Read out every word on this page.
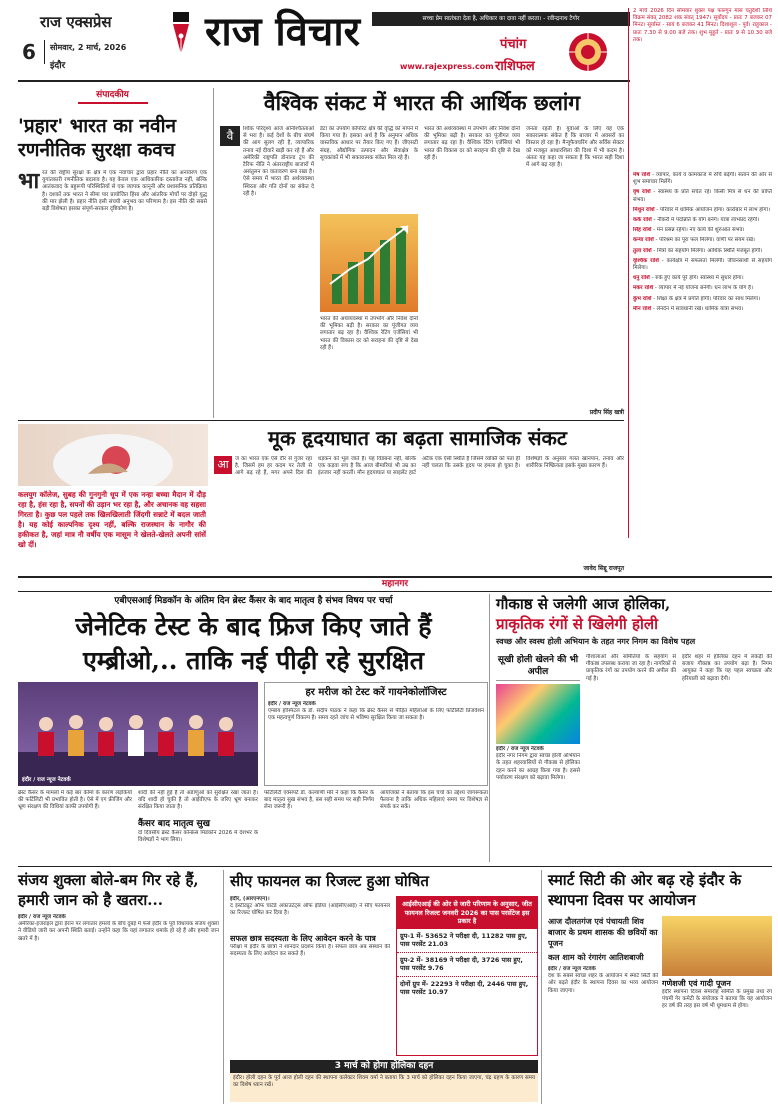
राज एक्सप्रेस
6 सोमवार, 2 मार्च, 2026
इंदौर
राज विचार	सच्चा प्रेम स्वतंत्रता देता है, अधिकार का दावा नहीं करता। - रवीन्द्रनाथ टैगोर
www.rajexpress.com
पंचांग
राशिफल
2 मार्च 2026 दिन सोमवार शुक्ल पक्ष फाल्गुन मास चतुर्दशी तिथि विक्रम संवत् 2082 शक संवत् 1947। सूर्योदय - प्रातः 7 बजकर 07 मिनट। सूर्यास्त - सायं 6 बजकर 41 मिनट। दिशाशूल - पूर्व। राहुकाल - प्रातः 7.30 से 9.00 बजे तक। शुभ मुहूर्त - प्रातः 9 से 10.30 बजे तक।
मेष राशि - व्यापार, कार्य व कामकाज में रुचि बढ़ेगी। संतान की ओर से शुभ समाचार मिलेंगे।
वृष राशि - स्वास्थ्य के प्रति सचेत रहें। किसी मित्र से धन की प्राप्ति संभव।
मिथुन राशि - परिवार में धार्मिक आयोजन होगा। कारोबार में लाभ होगा।
कर्क राशि - नौकरी में पदोन्नति के योग बनेंगे। यात्रा लाभप्रद रहेगी।
सिंह राशि - मन प्रसन्न रहेगा। नए कार्य की शुरुआत संभव।
कन्या राशि - परिश्रम का पूरा फल मिलेगा। वाणी पर संयम रखें।
तुला राशि - मित्रों का सहयोग मिलेगा। आर्थिक स्थिति मजबूत होगी।
वृश्चिक राशि - कार्यक्षेत्र में सफलता मिलेगी। जीवनसाथी से सहयोग मिलेगा।
धनु राशि - रुके हुए कार्य पूरे होंगे। स्वास्थ्य में सुधार होगा।
मकर राशि - व्यापार में नई योजना बनेगी। धन लाभ के योग हैं।
कुंभ राशि - शिक्षा के क्षेत्र में प्रगति होगी। परिवार का साथ मिलेगा।
मीन राशि - लेनदेन में सावधानी रखें। धार्मिक यात्रा संभव।
संपादकीय
'प्रहार' भारत का नवीन रणनीतिक सुरक्षा कवच
भा रत की राष्ट्रीय सुरक्षा के क्षेत्र में एक नवाचार द्वारा प्रहार नीति का अनावरण एक युगांतकारी रणनीतिक बदलाव है। यह केवल एक आधिकारिक दस्तावेज नहीं, बल्कि आतंकवाद के बहुरूपी परिस्थितियों से एक व्यापक कानूनी और प्रशासनिक प्रतिक्रिया है। दशकों तक भारत ने सीमा पार प्रायोजित हिंसा और आंतरिक मोर्चों पर दोहरे युद्ध की मार झेली है। प्रहार नीति इसी संचयी अनुभव का परिणाम है। इस नीति की सबसे बड़ी विशेषता इसका संपूर्ण-सरकार दृष्टिकोण है।
वैश्विक संकट में भारत की आर्थिक छलांग
वै	श्विक परिदृश्य आज अनिश्चितताओं से भरा है। कई देशों के बीच संघर्ष की आग सुलग रही है, व्यापारिक तनाव नई दीवारें खड़ी कर रहे हैं और अमेरिकी राष्ट्रपति डोनाल्ड ट्रंप की टैरिफ नीति ने अंतरराष्ट्रीय बाजारों में असंतुलन का वातावरण बना रखा है। ऐसे समय में भारत की अर्थव्यवस्था स्थिरता और गति दोनों का संकेत दे रही है।
डेटा का उपयोग कॉर्पोरेट क्षेत्र की वृद्धि को मापने में किया गया है। इसका अर्थ है कि अनुमान अधिक वास्तविक आधार पर तैयार किए गए हैं। जीएसटी संग्रह, औद्योगिक उत्पादन और सेवाक्षेत्र के सूचकांकों में भी सकारात्मक संकेत मिल रहे हैं।
भारत की अर्थव्यवस्था में उपभोग और निवेश दोनों की भूमिका बढ़ी है। सरकार का पूंजीगत व्यय लगातार बढ़ रहा है। वैश्विक रेटिंग एजेंसियां भी भारत की विकास दर को सराहना की दृष्टि से देख रही हैं।
भारत की अर्थव्यवस्था में उपभोग और निवेश दोनों की भूमिका बढ़ी है। सरकार का पूंजीगत व्यय लगातार बढ़ रहा है। वैश्विक रेटिंग एजेंसियां भी भारत की विकास दर को सराहना की दृष्टि से देख रही हैं।
जनता रहती है। युवाओं के लिए यह एक सकारात्मक संकेत है कि बाजार में अवसरों का विस्तार हो रहा है। मैन्युफैक्चरिंग और सर्विस सेक्टर को मजबूत आधारशिला की दिशा में भी कदम है। अंततः यह कहा जा सकता है कि भारत सही दिशा में आगे बढ़ रहा है।
प्रदीप सिंह खत्री
मूक हृदयाघात का बढ़ता सामाजिक संकट
कलयुग कॉलेज, सुबह की गुनगुनी धूप में एक नन्हा बच्चा मैदान में दौड़ रहा है, हंस रहा है, सपनों की उड़ान भर रहा है, और अचानक वह सहसा गिरता है। कुछ पल पहले तक खिलखिलाती जिंदगी सन्नाटे में बदल जाती है। यह कोई काल्पनिक दृश्य नहीं, बल्कि राजस्थान के नागौर की हकीकत है, जहां मात्र नौ वर्षीय एक मासूम ने खेलते-खेलते अपनी सांसें खो दीं।
आ	ज का भारत एक ऐसे दौर से गुजर रहा है, जिसमें हम हर कदम पर तेजी से आगे बढ़ रहे हैं, मगर अपने दिल की धड़कन को भूल जाते हैं। यह विडंबना नहीं, बल्कि एक कड़वा सच है कि आज बीमारियां भी उम्र का इंतजार नहीं करतीं। मौन हृदयाघात या साइलेंट हार्ट अटैक एक ऐसी स्थिति है जिसमें व्यक्ति को पता ही नहीं चलता कि उसके हृदय पर हमला हो चुका है। विशेषज्ञों के अनुसार गलत खानपान, तनाव और शारीरिक निष्क्रियता इसके मुख्य कारण हैं।
जावेद सिद्दू राजपूत
महानगर
एबीएसआई मिडकॉन के अंतिम दिन ब्रेस्ट कैंसर के बाद मातृत्व है संभव विषय पर चर्चा
जेनेटिक टेस्ट के बाद फ्रिज किए जाते हैं एम्ब्रीओ,.. ताकि नई पीढ़ी रहे सुरक्षित
इंदौर / राज न्यूज नेटवर्क
हर मरीज को टेस्ट करें गायनेकोलॉजिस्ट
इंदौर / राज न्यूज नेटवर्क
एम्बाय हॉस्पिटल के डॉ. संदीप पाठक ने कहा कि ब्रेस्ट कैंसर से पीड़ित महिलाओं के लिए फर्टिलिटी प्रिजर्वेशन एक महत्वपूर्ण विकल्प है। समय रहते जांच से भविष्य सुरक्षित किया जा सकता है।
ब्रेस्ट कैंसर के मामलों में कई बार कीमो के कारण लड़कियों की फर्टिलिटी भी प्रभावित होती है। ऐसे में एग फ्रीजिंग और भ्रूण संरक्षण की विधियां काफी उपयोगी हैं।
शादी की नहीं हुई है तो अंडाणुओं को सुरक्षित रखा जाता है। यदि शादी हो चुकी है तो आईवीएफ के जरिए भ्रूण बनाकर संरक्षित किया जाता है।
कैंसर बाद मातृत्व सुख
दो दिवसीय ब्रेस्ट कैंसर कॉन्फ्रेंस मिडकॉन 2026 में देशभर के विशेषज्ञों ने भाग लिया।
फर्टिलिटी एक्सपर्ट डॉ. कल्याणी मोरे ने कहा कि कैंसर के बाद मातृत्व सुख संभव है, बस सही समय पर सही निर्णय लेना जरूरी है।
आयोजकों ने बताया कि इस चर्चा का उद्देश्य जागरूकता फैलाना है ताकि अधिक महिलाएं समय पर विशेषज्ञ से संपर्क कर सकें।
गौकाष्ठ से जलेगी आज होलिका,
प्राकृतिक रंगों से खिलेगी होली
स्वच्छ और स्वस्थ होली अभियान के तहत नगर निगम का विशेष पहल
सूखी होली खेलने की भी अपील
इंदौर / राज न्यूज नेटवर्क
इंदौर नगर निगम द्वारा स्वच्छ होली अभियान के तहत शहरवासियों से गौकाष्ठ से होलिका दहन करने का आग्रह किया गया है। इससे पर्यावरण संरक्षण को बढ़ावा मिलेगा।
गौशालाओं और समितियों के सहयोग से गौकाष्ठ उपलब्ध कराया जा रहा है। नागरिकों से प्राकृतिक रंगों का उपयोग करने की अपील की गई है।
इंदौर शहर में होलिका दहन में लकड़ी की बजाय गौकाष्ठ का उपयोग बढ़ा है। निगम आयुक्त ने कहा कि यह पहल स्वच्छता और हरियाली को बढ़ावा देगी।
संजय शुक्ला बोले-बम गिर रहे हैं, हमारी जान को है खतरा...
इंदौर / राज न्यूज नेटवर्क
अमेरिका-इजराइल द्वारा ईरान पर लगातार हमलों के बीच दुबई में फंसे इंदौर के पूर्व विधायक संजय शुक्ला ने वीडियो जारी कर अपनी स्थिति बताई। उन्होंने कहा कि यहां लगातार धमाके हो रहे हैं और हमारी जान खतरे में है।
सीए फायनल का रिजल्ट हुआ घोषित
इंदौर, (आरएनएन)।
द इंस्टीट्यूट ऑफ चार्टर्ड अकाउंटेंट्स ऑफ इंडिया (आईसीएआई) ने सीए फायनल का रिजल्ट घोषित कर दिया है।
सफल छात्र सदस्यता के लिए आवेदन करने के पात्र
परीक्षा में इंदौर के छात्रों ने शानदार प्रदर्शन किया है। सफल छात्र अब संस्थान की सदस्यता के लिए आवेदन कर सकते हैं।
आईसीएआई की ओर से जारी परिणाम के अनुसार, जीत फायनल रिजल्ट जनवरी 2026 का पास परसेंटेज इस प्रकार है
ग्रुप-1 में- 53652 ने परीक्षा दी, 11282 पास हुए, पास परसेंट 21.03
ग्रुप-2 में- 38169 ने परीक्षा दी, 3726 पास हुए, पास परसेंट 9.76
दोनों ग्रुप में- 22293 ने परीक्षा दी, 2446 पास हुए, पास परसेंट 10.97
3 मार्च को होगा होलिका दहन
इंदौर। होली दहन के पूर्व आज होली दहन की स्थापना कलेक्टर शिवम वर्मा ने बताया कि 3 मार्च को होलिका दहन किया जाएगा, चंद्र ग्रहण के कारण समय का विशेष ध्यान रखें।
स्मार्ट सिटी की ओर बढ़ रहे इंदौर के स्थापना दिवस पर आयोजन
आज दौलतगंज एवं पंचायती शिव बाजार के प्रथम शासक की छवियों का पूजन
कल शाम को रंगारंग आतिशबाजी
इंदौर / राज न्यूज नेटवर्क
देश के सबसे स्वच्छ शहर के आयोजन में स्मार्ट सिटी की ओर बढ़ते इंदौर के स्थापना दिवस का भव्य आयोजन किया जाएगा।
गणेशजी एवं गादी पूजन
इंदौर स्थापना दिवस समारोह समिति के प्रमुख तथा रंग पंचमी गेर कमेटी के संयोजक ने बताया कि यह आयोजन हर वर्ष की तरह इस वर्ष भी धूमधाम से होगा।
